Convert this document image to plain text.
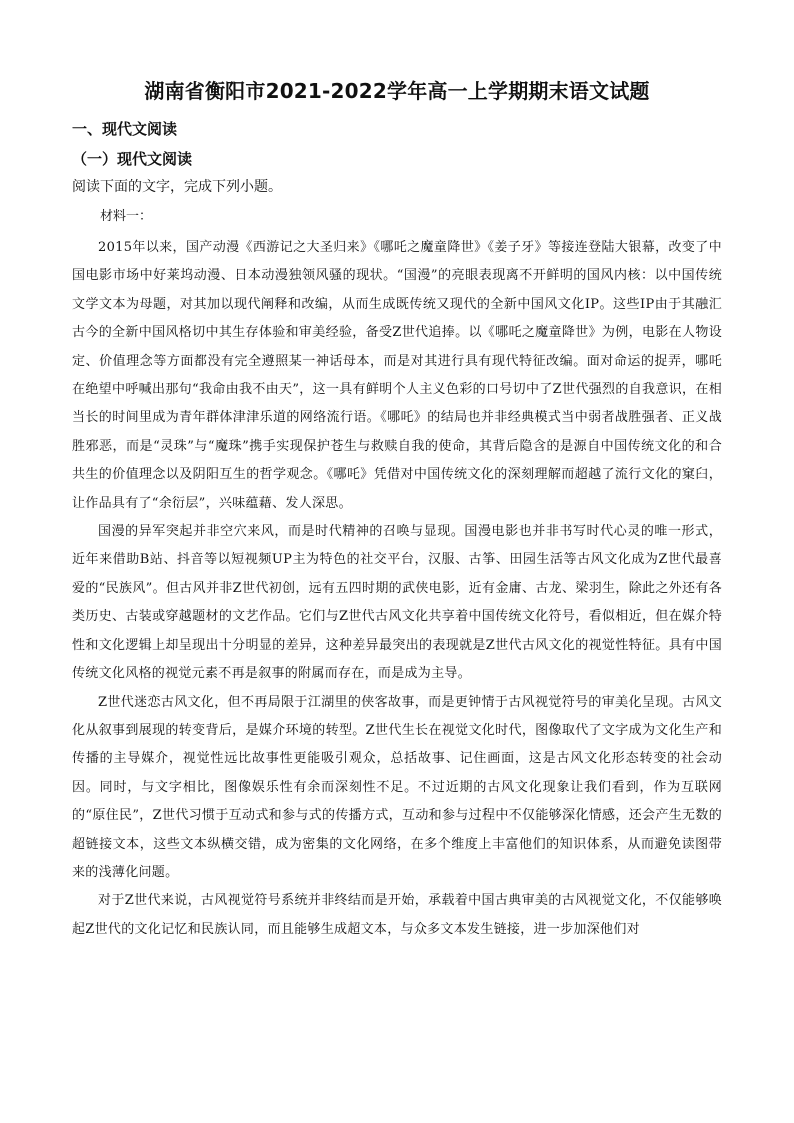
湖南省衡阳市2021-2022学年高一上学期期末语文试题
一、现代文阅读
（一）现代文阅读
阅读下面的文字，完成下列小题。
材料一：

2015年以来，国产动漫《西游记之大圣归来》《哪吒之魔童降世》《姜子牙》等接连登陆大银幕，改变了中国电影市场中好莱坞动漫、日本动漫独领风骚的现状。“国漫”的亮眼表现离不开鲜明的国风内核：以中国传统文学文本为母题，对其加以现代阐释和改编，从而生成既传统又现代的全新中国风文化IP。这些IP由于其融汇古今的全新中国风格切中其生存体验和审美经验，备受Z世代追捧。以《哪吒之魔童降世》为例，电影在人物设定、价值理念等方面都没有完全遵照某一神话母本，而是对其进行具有现代特征改编。面对命运的捉弄，哪吒在绝望中呼喊出那句“我命由我不由天”，这一具有鲜明个人主义色彩的口号切中了Z世代强烈的自我意识，在相当长的时间里成为青年群体津津乐道的网络流行语。《哪吒》的结局也并非经典模式当中弱者战胜强者、正义战胜邪恶，而是“灵珠”与“魔珠”携手实现保护苍生与救赎自我的使命，其背后隐含的是源自中国传统文化的和合共生的价值理念以及阴阳互生的哲学观念。《哪吒》凭借对中国传统文化的深刻理解而超越了流行文化的窠臼，让作品具有了“余衍层”，兴味蕴藉、发人深思。

国漫的异军突起并非空穴来风，而是时代精神的召唤与显现。国漫电影也并非书写时代心灵的唯一形式，近年来借助B站、抖音等以短视频UP主为特色的社交平台，汉服、古筝、田园生活等古风文化成为Z世代最喜爱的“民族风”。但古风并非Z世代初创，远有五四时期的武侠电影，近有金庸、古龙、梁羽生，除此之外还有各类历史、古装或穿越题材的文艺作品。它们与Z世代古风文化共享着中国传统文化符号，看似相近，但在媒介特性和文化逻辑上却呈现出十分明显的差异，这种差异最突出的表现就是Z世代古风文化的视觉性特征。具有中国传统文化风格的视觉元素不再是叙事的附属而存在，而是成为主导。

Z世代迷恋古风文化，但不再局限于江湖里的侠客故事，而是更钟情于古风视觉符号的审美化呈现。古风文化从叙事到展现的转变背后，是媒介环境的转型。Z世代生长在视觉文化时代，图像取代了文字成为文化生产和传播的主导媒介，视觉性远比故事性更能吸引观众，总括故事、记住画面，这是古风文化形态转变的社会动因。同时，与文字相比，图像娱乐性有余而深刻性不足。不过近期的古风文化现象让我们看到，作为互联网的“原住民”，Z世代习惯于互动式和参与式的传播方式，互动和参与过程中不仅能够深化情感，还会产生无数的超链接文本，这些文本纵横交错，成为密集的文化网络，在多个维度上丰富他们的知识体系，从而避免读图带来的浅薄化问题。

对于Z世代来说，古风视觉符号系统并非终结而是开始，承载着中国古典审美的古风视觉文化，不仅能够唤起Z世代的文化记忆和民族认同，而且能够生成超文本，与众多文本发生链接，进一步加深他们对
